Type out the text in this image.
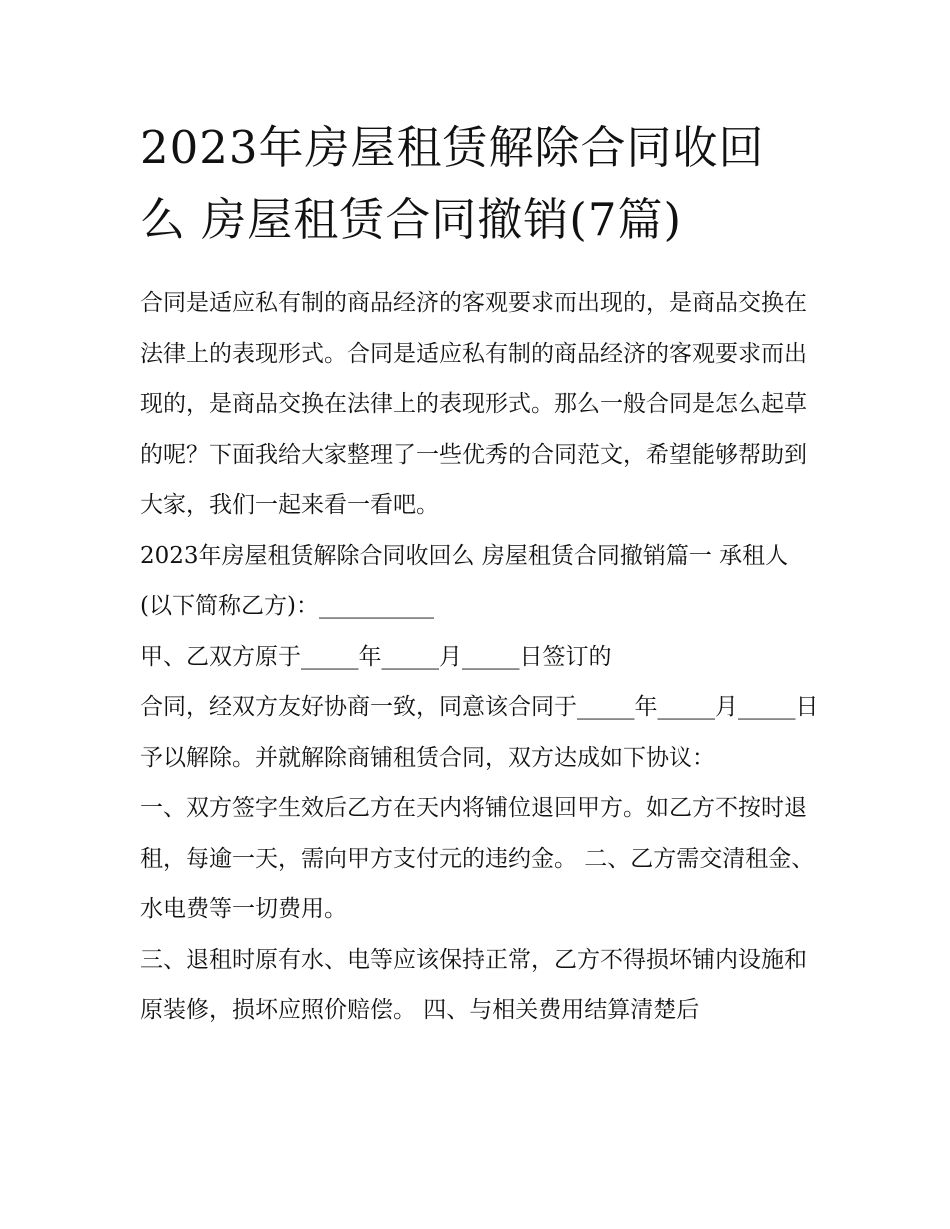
2023年房屋租赁解除合同收回
么 房屋租赁合同撤销(7篇)

合同是适应私有制的商品经济的客观要求而出现的，是商品交换在法律上的表现形式。合同是适应私有制的商品经济的客观要求而出现的，是商品交换在法律上的表现形式。那么一般合同是怎么起草的呢？下面我给大家整理了一些优秀的合同范文，希望能够帮助到大家，我们一起来看一看吧。

2023年房屋租赁解除合同收回么 房屋租赁合同撤销篇一 承租人(以下简称乙方)：__________

甲、乙双方原于_____年_____月_____日签订的

合同，经双方友好协商一致，同意该合同于_____年_____月_____日予以解除。并就解除商铺租赁合同，双方达成如下协议：

一、双方签字生效后乙方在天内将铺位退回甲方。如乙方不按时退租，每逾一天，需向甲方支付元的违约金。 二、乙方需交清租金、水电费等一切费用。

三、退租时原有水、电等应该保持正常，乙方不得损坏铺内设施和原装修，损坏应照价赔偿。 四、与相关费用结算清楚后
